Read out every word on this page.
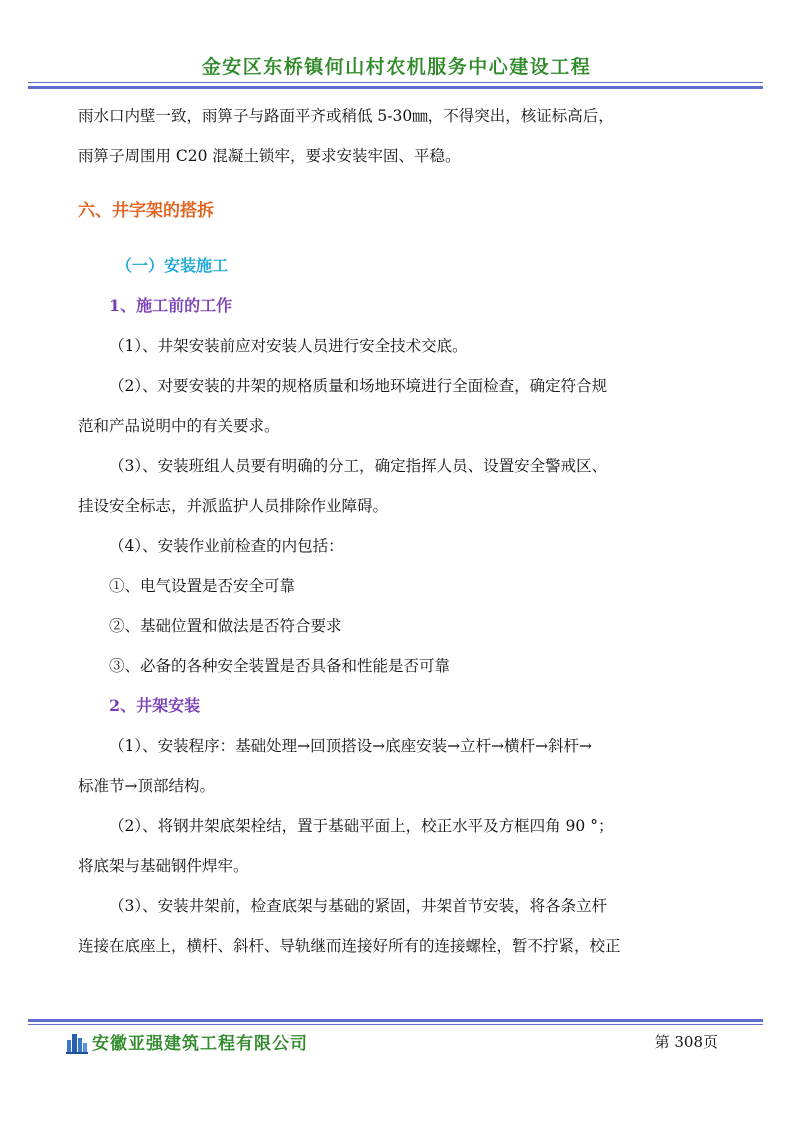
金安区东桥镇何山村农机服务中心建设工程

雨水口内壁一致，雨箅子与路面平齐或稍低 5-30㎜，不得突出，核证标高后，

雨箅子周围用 C20 混凝土锁牢，要求安装牢固、平稳。

六、井字架的搭拆

（一）安装施工

1、施工前的工作

（1）、井架安装前应对安装人员进行安全技术交底。

（2）、对要安装的井架的规格质量和场地环境进行全面检查，确定符合规

范和产品说明中的有关要求。

（3）、安装班组人员要有明确的分工，确定指挥人员、设置安全警戒区、

挂设安全标志，并派监护人员排除作业障碍。

（4）、安装作业前检查的内包括：

①、电气设置是否安全可靠

②、基础位置和做法是否符合要求

③、必备的各种安全装置是否具备和性能是否可靠

2、井架安装

（1）、安装程序：基础处理→回顶搭设→底座安装→立杆→横杆→斜杆→

标准节→顶部结构。

（2）、将钢井架底架栓结，置于基础平面上，校正水平及方框四角 90 °；

将底架与基础钢件焊牢。

（3）、安装井架前，检查底架与基础的紧固，井架首节安装，将各条立杆

连接在底座上，横杆、斜杆、导轨继而连接好所有的连接螺栓，暂不拧紧，校正

安徽亚强建筑工程有限公司	第 308页
